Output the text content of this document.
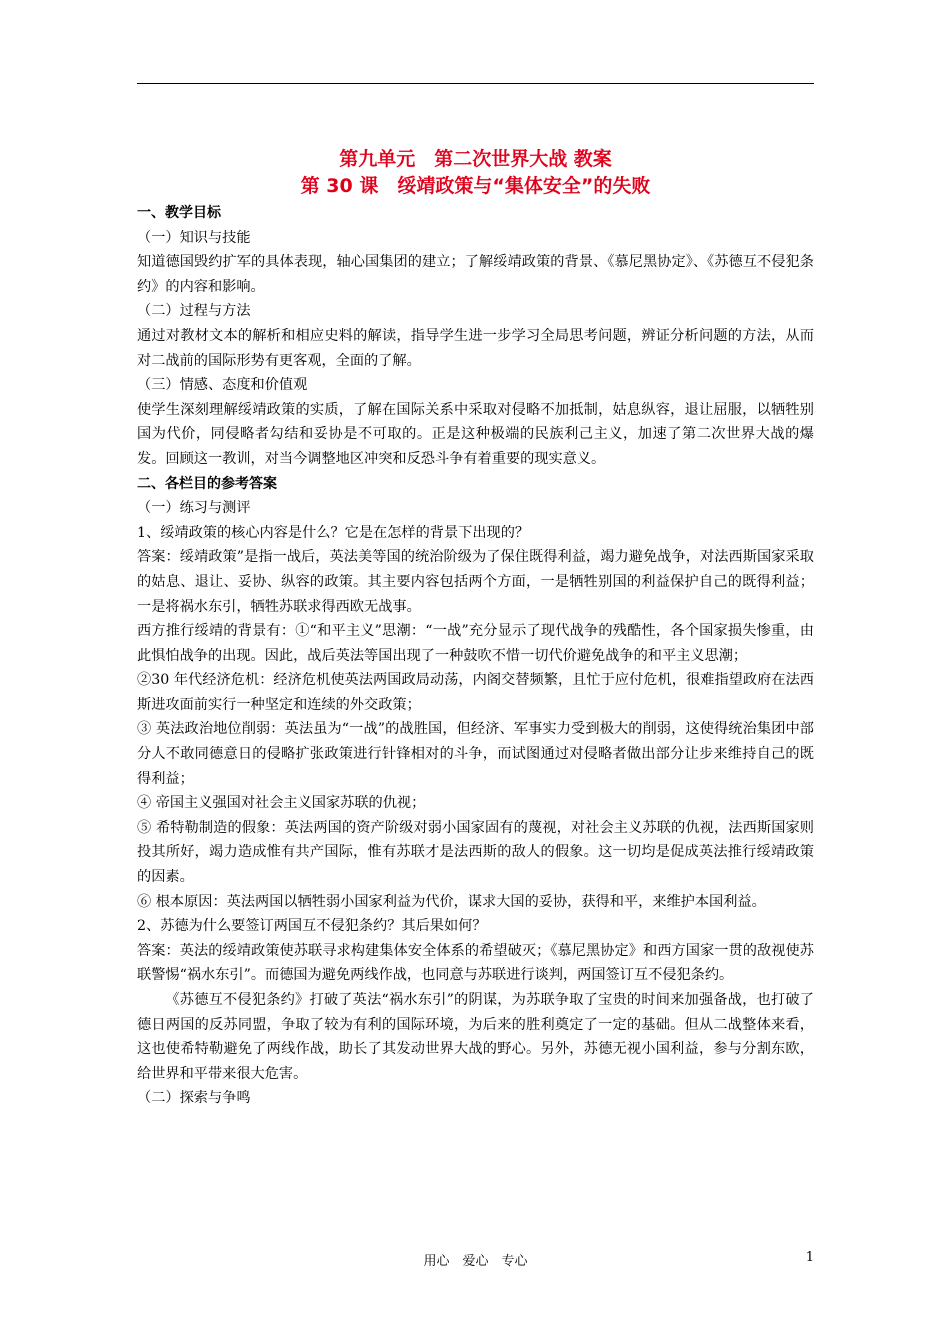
第九单元　第二次世界大战 教案

第 30 课　绥靖政策与“集体安全”的失败

一、教学目标

（一）知识与技能

知道德国毁约扩军的具体表现，轴心国集团的建立；了解绥靖政策的背景、《慕尼黑协定》、《苏德互不侵犯条约》的内容和影响。

（二）过程与方法

通过对教材文本的解析和相应史料的解读，指导学生进一步学习全局思考问题，辨证分析问题的方法，从而对二战前的国际形势有更客观，全面的了解。

（三）情感、态度和价值观

使学生深刻理解绥靖政策的实质，了解在国际关系中采取对侵略不加抵制，姑息纵容，退让屈服，以牺牲别国为代价，同侵略者勾结和妥协是不可取的。正是这种极端的民族利己主义，加速了第二次世界大战的爆发。回顾这一教训，对当今调整地区冲突和反恐斗争有着重要的现实意义。

二、各栏目的参考答案

（一）练习与测评

1、绥靖政策的核心内容是什么？它是在怎样的背景下出现的？

答案：绥靖政策”是指一战后，英法美等国的统治阶级为了保住既得利益，竭力避免战争，对法西斯国家采取的姑息、退让、妥协、纵容的政策。其主要内容包括两个方面，一是牺牲别国的利益保护自己的既得利益；一是将祸水东引，牺牲苏联求得西欧无战事。

西方推行绥靖的背景有：①“和平主义”思潮：“一战”充分显示了现代战争的残酷性，各个国家损失惨重，由此惧怕战争的出现。因此，战后英法等国出现了一种鼓吹不惜一切代价避免战争的和平主义思潮；

②30 年代经济危机：经济危机使英法两国政局动荡，内阁交替频繁，且忙于应付危机，很难指望政府在法西斯进攻面前实行一种坚定和连续的外交政策；

③ 英法政治地位削弱：英法虽为“一战”的战胜国，但经济、军事实力受到极大的削弱，这使得统治集团中部分人不敢同德意日的侵略扩张政策进行针锋相对的斗争，而试图通过对侵略者做出部分让步来维持自己的既得利益；

④ 帝国主义强国对社会主义国家苏联的仇视；

⑤ 希特勒制造的假象：英法两国的资产阶级对弱小国家固有的蔑视，对社会主义苏联的仇视，法西斯国家则投其所好，竭力造成惟有共产国际，惟有苏联才是法西斯的敌人的假象。这一切均是促成英法推行绥靖政策的因素。

⑥ 根本原因：英法两国以牺牲弱小国家利益为代价，谋求大国的妥协，获得和平，来维护本国利益。

2、苏德为什么要签订两国互不侵犯条约？其后果如何？

答案：英法的绥靖政策使苏联寻求构建集体安全体系的希望破灭；《慕尼黑协定》和西方国家一贯的敌视使苏联警惕“祸水东引”。而德国为避免两线作战，也同意与苏联进行谈判，两国签订互不侵犯条约。

《苏德互不侵犯条约》打破了英法“祸水东引”的阴谋，为苏联争取了宝贵的时间来加强备战，也打破了德日两国的反苏同盟，争取了较为有利的国际环境，为后来的胜利奠定了一定的基础。但从二战整体来看，这也使希特勒避免了两线作战，助长了其发动世界大战的野心。另外，苏德无视小国利益，参与分割东欧，给世界和平带来很大危害。

（二）探索与争鸣

用心　爱心　专心	1
